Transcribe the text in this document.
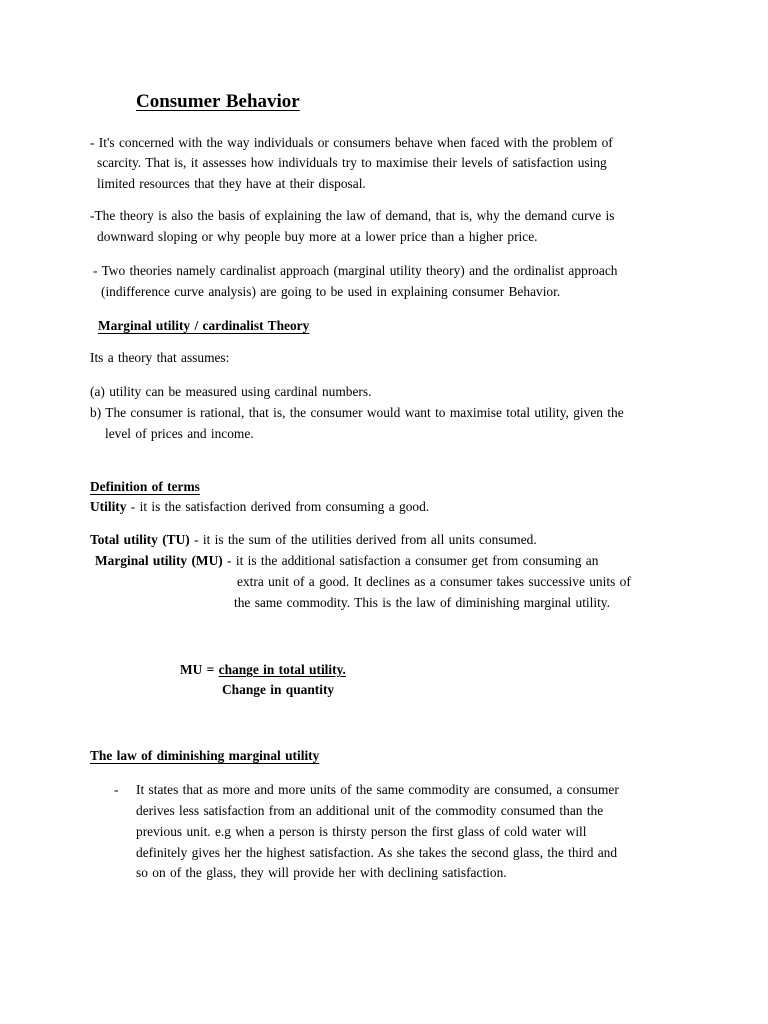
Consumer Behavior
- It's concerned with the way individuals or consumers behave when faced with the problem of
scarcity. That is, it assesses how individuals try to maximise their levels of satisfaction using
limited resources that they have at their disposal.
-The theory is also the basis of explaining the law of demand, that is, why the demand curve is
downward sloping or why people buy more at a lower price than a higher price.
- Two theories namely cardinalist approach (marginal utility theory) and the ordinalist approach
(indifference curve analysis) are going to be used in explaining consumer Behavior.
Marginal utility / cardinalist Theory
Its a theory that assumes:
(a) utility can be measured using cardinal numbers.
b) The consumer is rational, that is, the consumer would want to maximise total utility, given the
level of prices and income.
Definition of terms
Utility - it is the satisfaction derived from consuming a good.
Total utility (TU) - it is the sum of the utilities derived from all units consumed.
Marginal utility (MU) - it is the additional satisfaction a consumer get from consuming an
extra unit of a good. It declines as a consumer takes successive units of
the same commodity. This is the law of diminishing marginal utility.
MU = change in total utility.
Change in quantity
The law of diminishing marginal utility
- It states that as more and more units of the same commodity are consumed, a consumer
derives less satisfaction from an additional unit of the commodity consumed than the
previous unit. e.g when a person is thirsty person the first glass of cold water will
definitely gives her the highest satisfaction. As she takes the second glass, the third and
so on of the glass, they will provide her with declining satisfaction.
